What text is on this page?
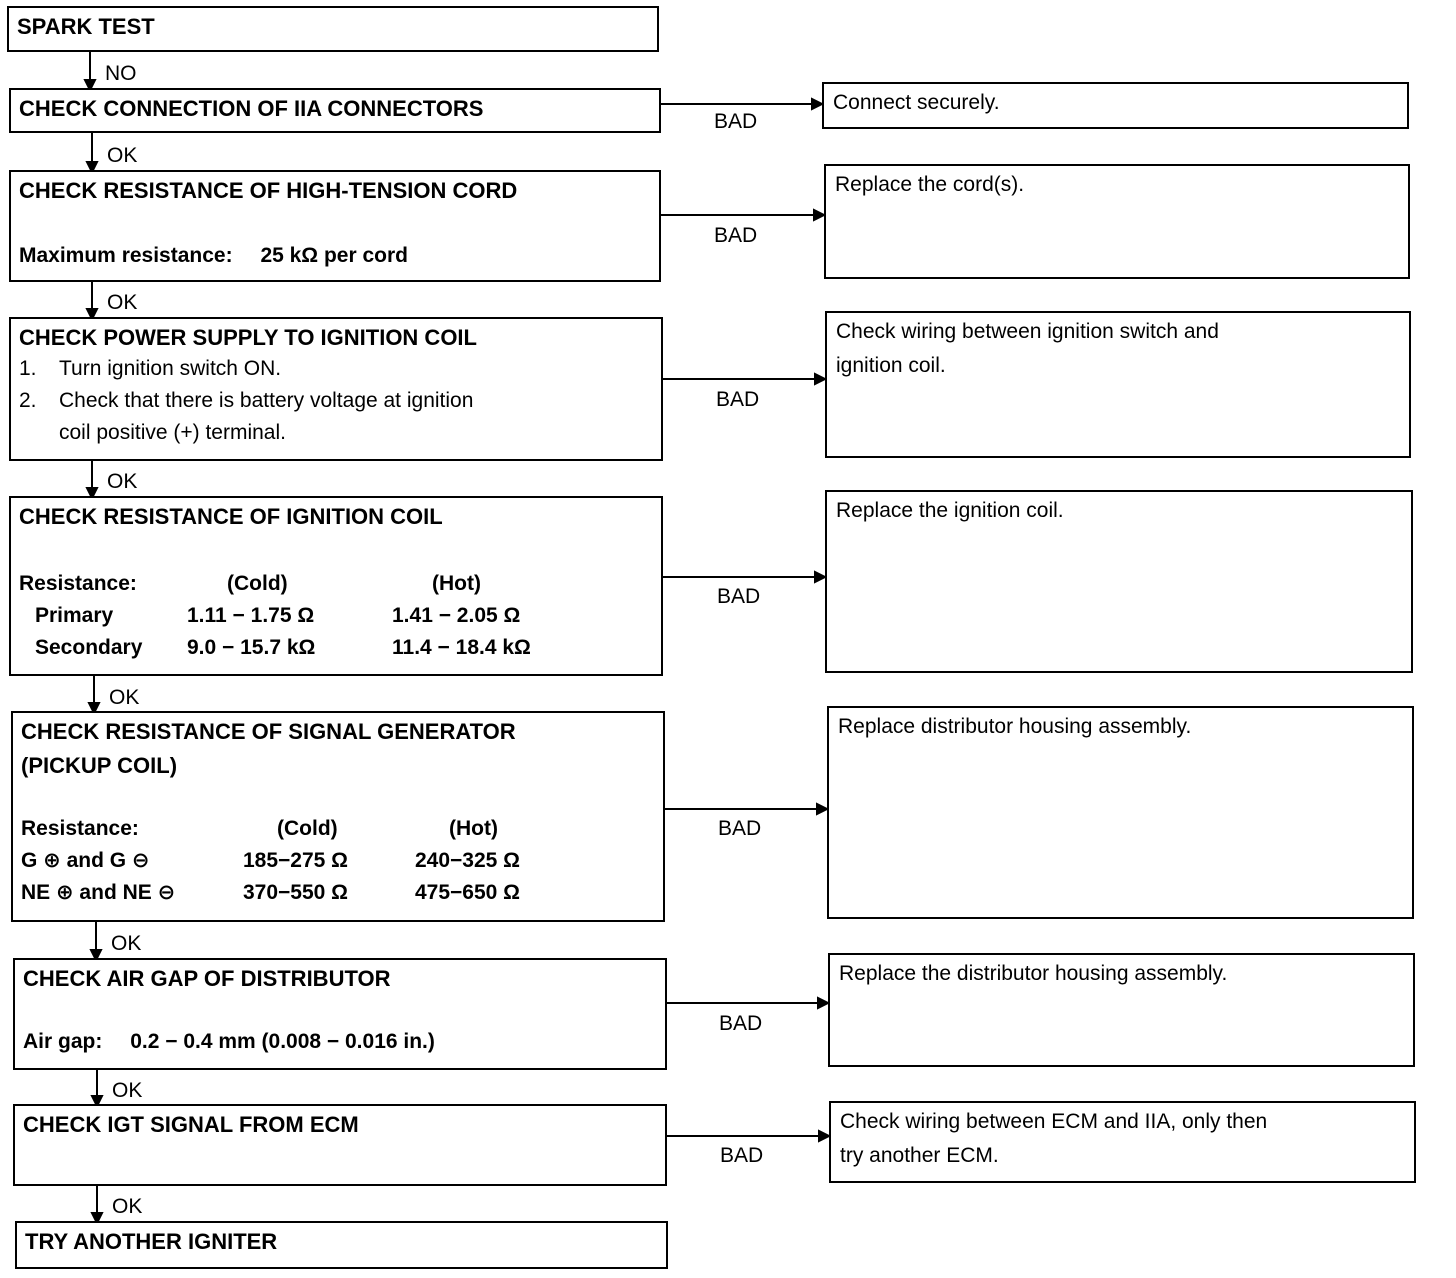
NO
OK
OK
OK
OK
OK
OK
OK
BAD
BAD
BAD
BAD
BAD
BAD
BAD
SPARK TEST
CHECK CONNECTION OF IIA CONNECTORS
CHECK RESISTANCE OF HIGH-TENSION CORD
Maximum resistance: 25 kΩ per cord
CHECK POWER SUPPLY TO IGNITION COIL
1. Turn ignition switch ON.
2. Check that there is battery voltage at ignition
coil positive (+) terminal.
CHECK RESISTANCE OF IGNITION COIL
Resistance:	(Cold)	(Hot)
Primary	1.11 − 1.75 Ω	1.41 − 2.05 Ω
Secondary	9.0 − 15.7 kΩ	11.4 − 18.4 kΩ
CHECK RESISTANCE OF SIGNAL GENERATOR
(PICKUP COIL)
Resistance:	(Cold)	(Hot)
G ⊕ and G ⊖	185−275 Ω	240−325 Ω
NE ⊕ and NE ⊖	370−550 Ω	475−650 Ω
CHECK AIR GAP OF DISTRIBUTOR
Air gap: 0.2 − 0.4 mm (0.008 − 0.016 in.)
CHECK IGT SIGNAL FROM ECM
TRY ANOTHER IGNITER
Connect securely.
Replace the cord(s).
Check wiring between ignition switch and
ignition coil.
Replace the ignition coil.
Replace distributor housing assembly.
Replace the distributor housing assembly.
Check wiring between ECM and IIA, only then
try another ECM.
